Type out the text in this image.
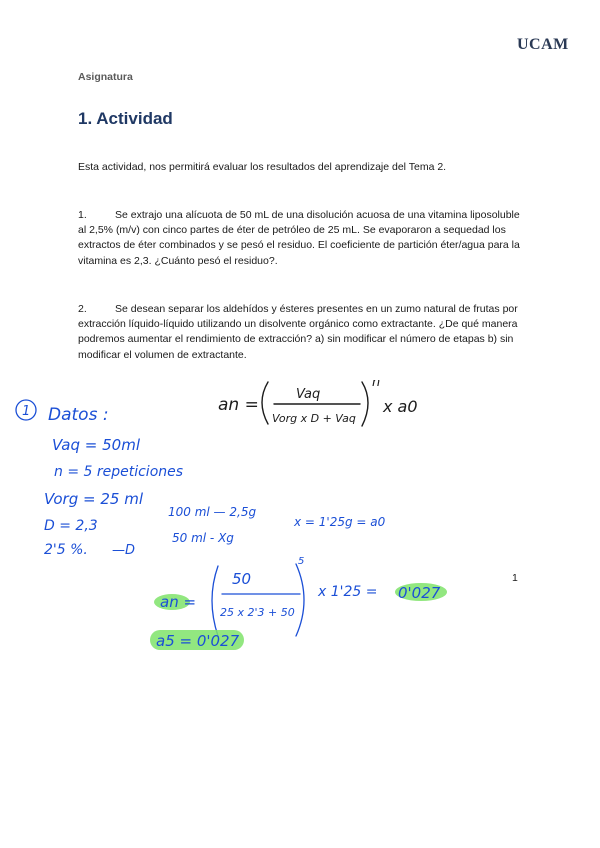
UCAM
Asignatura
1. Actividad
Esta actividad, nos permitirá evaluar los resultados del aprendizaje del Tema 2.
1.	Se extrajo una alícuota de 50 mL de una disolución acuosa de una vitamina liposoluble al 2,5% (m/v) con cinco partes de éter de petróleo de 25 mL. Se evaporaron a sequedad los extractos de éter combinados y se pesó el residuo. El coeficiente de partición éter/agua para la vitamina es 2,3. ¿Cuánto pesó el residuo?.
2.	Se desean separar los aldehídos y ésteres presentes en un zumo natural de frutas por extracción líquido-líquido utilizando un disolvente orgánico como extractante. ¿De qué manera podremos aumentar el rendimiento de extracción? a) sin modificar el número de etapas b) sin modificar el volumen de extractante.
1
1 Datos :	an =
Vaq
Vorg x D + Vaq
n
x a0
Vaq = 50ml
n = 5 repeticiones
Vorg = 25 ml
D = 2,3
2'5 %. —D
100 ml — 2,5g
50 ml - Xg
x = 1'25g = a0
an =
50
25 x 2'3 + 50
5
x 1'25 = 0'027
a5 = 0'027
